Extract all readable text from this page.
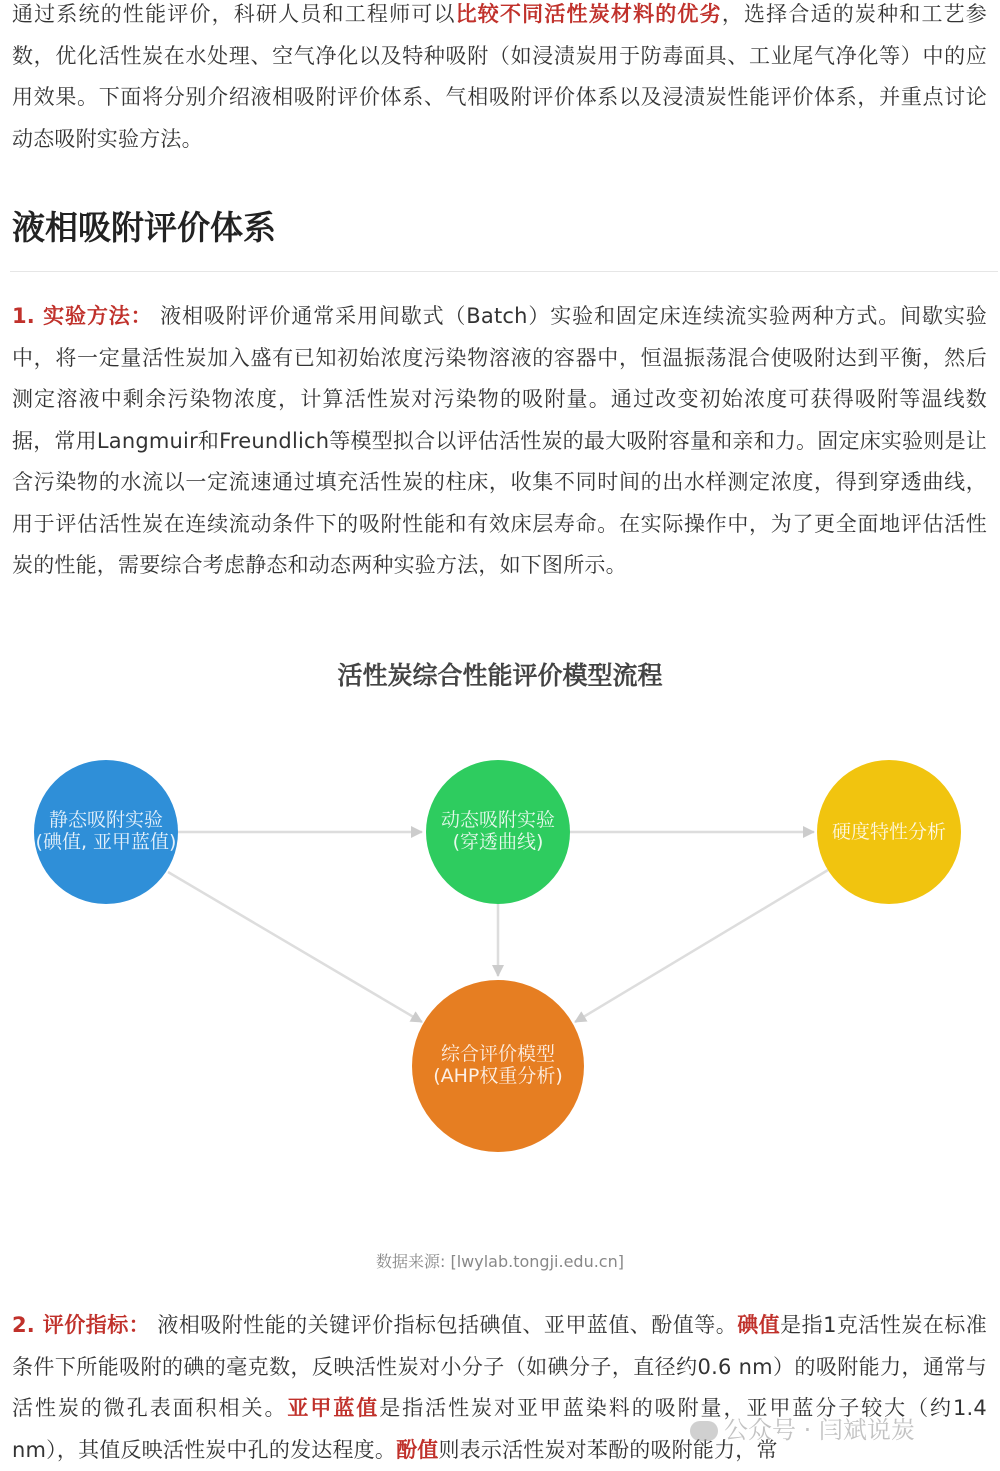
通过系统的性能评价，科研人员和工程师可以比较不同活性炭材料的优劣，选择合适的炭种和工艺参数，优化活性炭在水处理、空气净化以及特种吸附（如浸渍炭用于防毒面具、工业尾气净化等）中的应用效果。下面将分别介绍液相吸附评价体系、气相吸附评价体系以及浸渍炭性能评价体系，并重点讨论动态吸附实验方法。

液相吸附评价体系

1. 实验方法： 液相吸附评价通常采用间歇式（Batch）实验和固定床连续流实验两种方式。间歇实验中，将一定量活性炭加入盛有已知初始浓度污染物溶液的容器中，恒温振荡混合使吸附达到平衡，然后测定溶液中剩余污染物浓度，计算活性炭对污染物的吸附量。通过改变初始浓度可获得吸附等温线数据，常用Langmuir和Freundlich等模型拟合以评估活性炭的最大吸附容量和亲和力。固定床实验则是让含污染物的水流以一定流速通过填充活性炭的柱床，收集不同时间的出水样测定浓度，得到穿透曲线，用于评估活性炭在连续流动条件下的吸附性能和有效床层寿命。在实际操作中，为了更全面地评估活性炭的性能，需要综合考虑静态和动态两种实验方法，如下图所示。

活性炭综合性能评价模型流程
静态吸附实验
(碘值, 亚甲蓝值)
动态吸附实验
(穿透曲线)	硬度特性分析
综合评价模型
(AHP权重分析)
数据来源: [lwylab.tongji.edu.cn]

2. 评价指标： 液相吸附性能的关键评价指标包括碘值、亚甲蓝值、酚值等。碘值是指1克活性炭在标准条件下所能吸附的碘的毫克数，反映活性炭对小分子（如碘分子，直径约0.6 nm）的吸附能力，通常与活性炭的微孔表面积相关。亚甲蓝值是指活性炭对亚甲蓝染料的吸附量，亚甲蓝分子较大（约1.4 nm），其值反映活性炭中孔的发达程度。酚值则表示活性炭对苯酚的吸附能力，常

公众号 · 闫斌说炭
